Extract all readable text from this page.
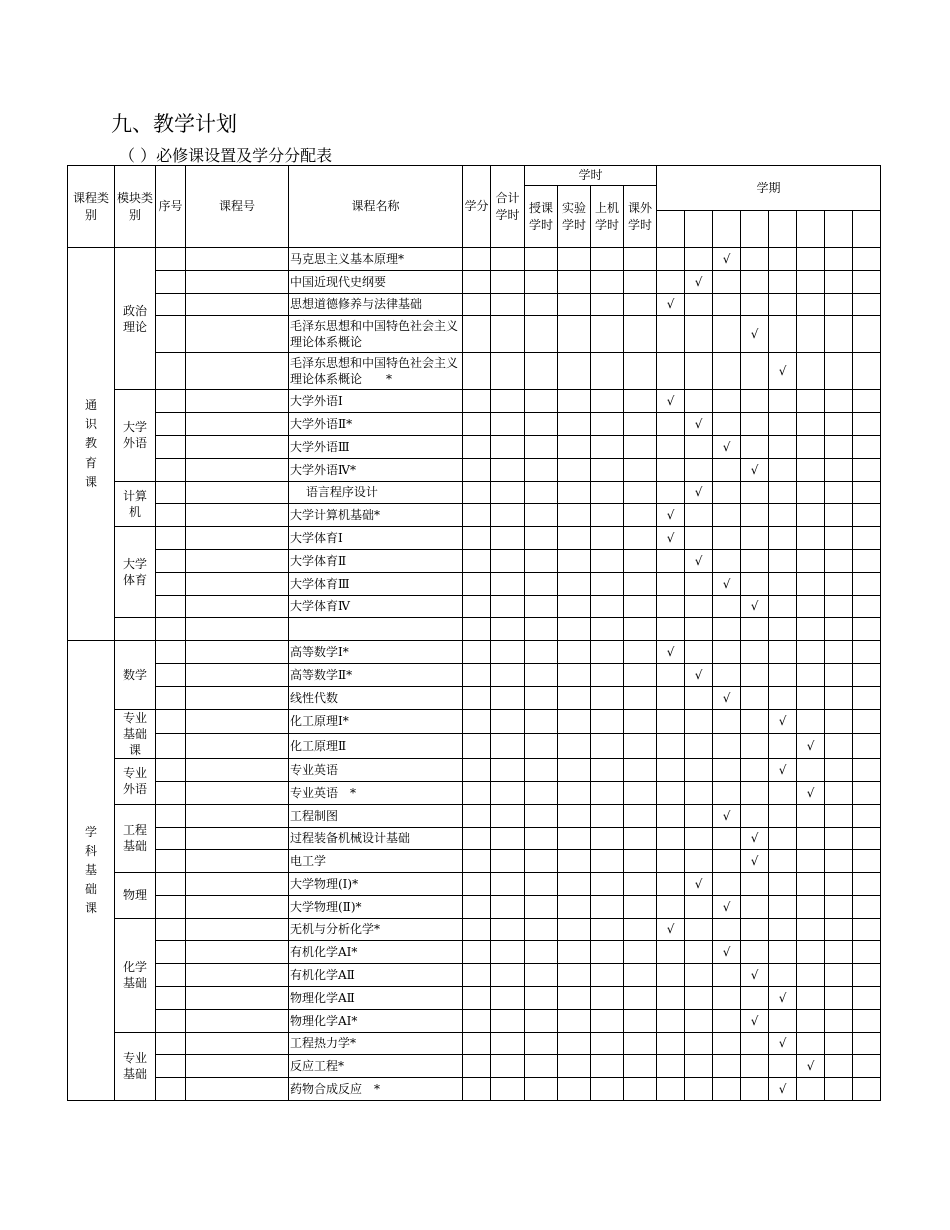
九、教学计划
（ ）必修课设置及学分分配表
课程类别	模块类别	序号	课程号	课程名称	学分	合计学时	学时				学期							
							授课学时	实验学时	上机学时	课外学时								

通识教育课	政治理论			马克思主义基本原理*									√					
				中国近现代史纲要								√						
				思想道德修养与法律基础							√							
				毛泽东思想和中国特色社会主义理论体系概论										√				
				毛泽东思想和中国特色社会主义理论体系概论　　*											√			

	大学外语			大学外语Ⅰ							√							
				大学外语Ⅱ*								√						
				大学外语Ⅲ									√					
				大学外语Ⅳ*										√				

	计算机			　 语言程序设计								√						
				大学计算机基础*							√							

	大学体育			大学体育Ⅰ							√							
				大学体育Ⅱ								√						
				大学体育Ⅲ									√					
				大学体育Ⅳ										√				

学科基础课	数学			高等数学Ⅰ*							√							
				高等数学Ⅱ*								√						
				线性代数									√					

	专业基础课			化工原理Ⅰ*											√			
				化工原理Ⅱ												√		

	专业外语			专业英语											√			
				专业英语　*												√		

	工程基础			工程制图									√					
				过程装备机械设计基础										√				
				电工学										√				

	物理			大学物理(Ⅰ)*								√						
				大学物理(Ⅱ)*									√					

	化学基础			无机与分析化学*							√							
				有机化学AⅠ*									√					
				有机化学AⅡ										√				
				物理化学AⅡ											√			
				物理化学AⅠ*										√				

	专业基础			工程热力学*											√			
				反应工程*												√		
				药物合成反应　*											√			
